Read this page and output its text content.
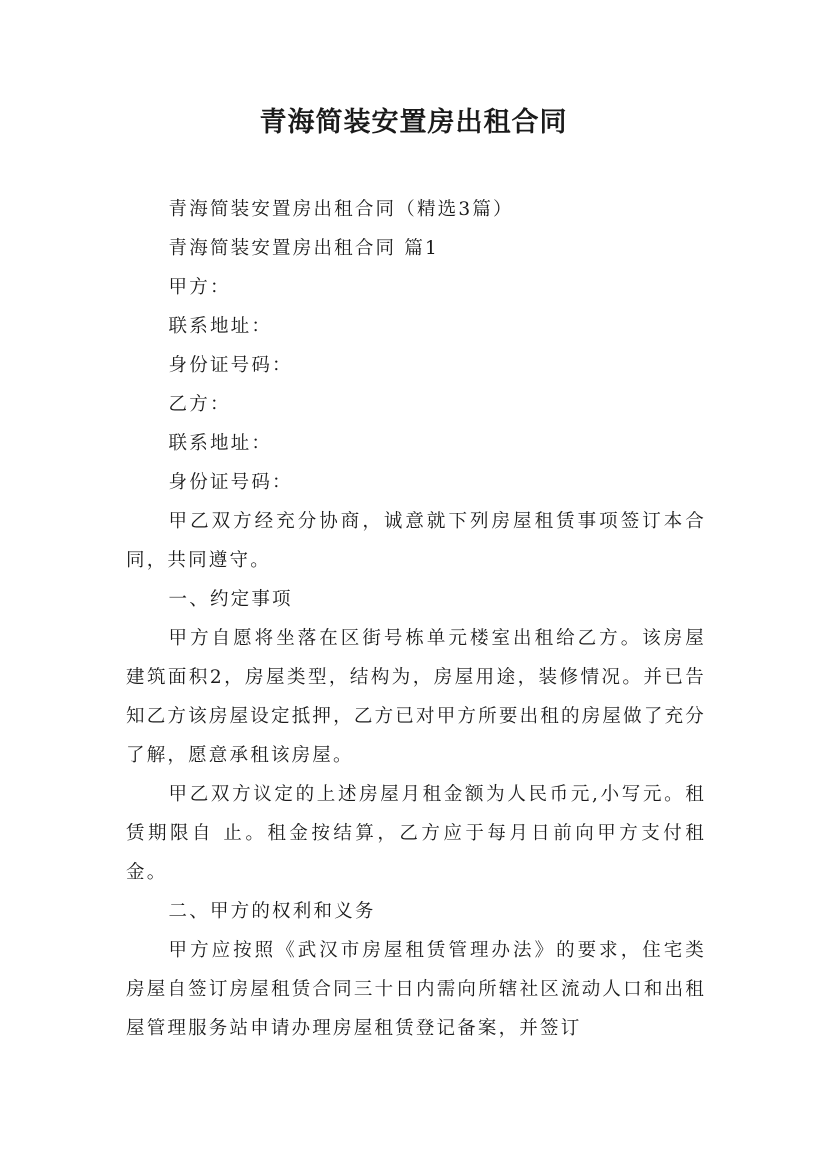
青海简装安置房出租合同

青海简装安置房出租合同（精选3篇）

青海简装安置房出租合同 篇1

甲方：

联系地址：

身份证号码：

乙方：

联系地址：

身份证号码：

甲乙双方经充分协商，诚意就下列房屋租赁事项签订本合同，共同遵守。

一、约定事项

甲方自愿将坐落在区街号栋单元楼室出租给乙方。该房屋建筑面积2，房屋类型，结构为，房屋用途，装修情况。并已告知乙方该房屋设定抵押，乙方已对甲方所要出租的房屋做了充分了解，愿意承租该房屋。

甲乙双方议定的上述房屋月租金额为人民币元,小写元。租赁期限自 止。租金按结算，乙方应于每月日前向甲方支付租金。

二、甲方的权利和义务

甲方应按照《武汉市房屋租赁管理办法》的要求，住宅类房屋自签订房屋租赁合同三十日内需向所辖社区流动人口和出租屋管理服务站申请办理房屋租赁登记备案，并签订
